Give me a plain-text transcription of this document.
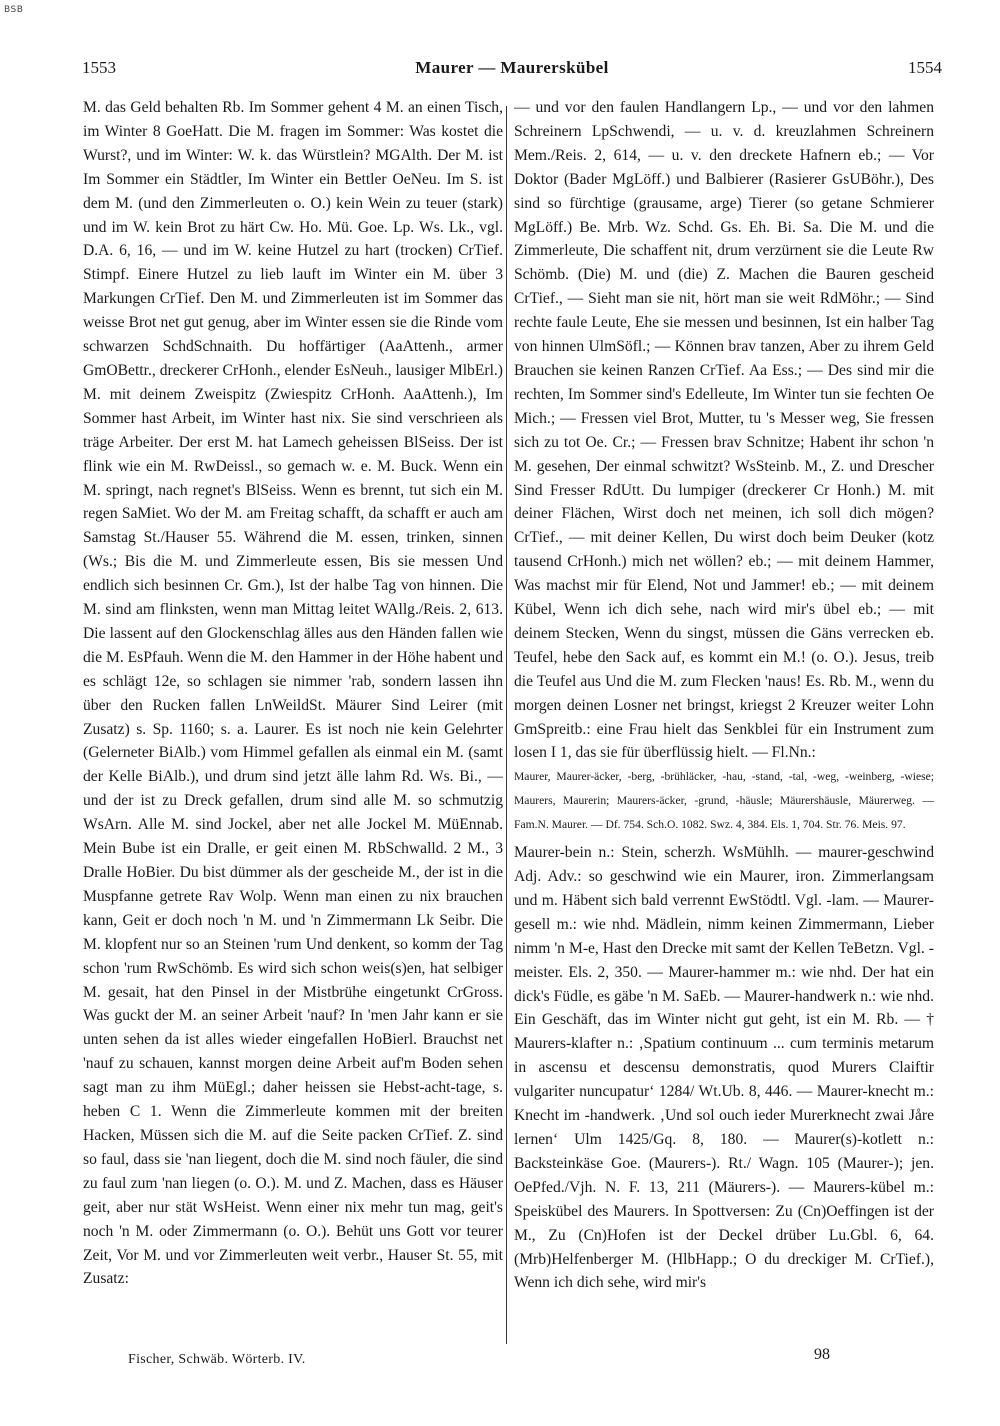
BSB
1553	Maurer — Maurerskübel	1554

M. das Geld behalten Rb. Im Sommer gehent 4 M. an einen Tisch, im Winter 8 GoeHatt. Die M. fragen im Sommer: Was kostet die Wurst?, und im Winter: W. k. das Würstlein? MGAlth. Der M. ist Im Sommer ein Städtler, Im Winter ein Bettler OeNeu. Im S. ist dem M. (und den Zimmerleuten o. O.) kein Wein zu teuer (stark) und im W. kein Brot zu härt Cw. Ho. Mü. Goe. Lp. Ws. Lk., vgl. D.A. 6, 16, — und im W. keine Hutzel zu hart (trocken) CrTief. Stimpf. Einere Hutzel zu lieb lauft im Winter ein M. über 3 Markungen CrTief. Den M. und Zimmerleuten ist im Sommer das weisse Brot net gut genug, aber im Winter essen sie die Rinde vom schwarzen SchdSchnaith. Du hoffärtiger (AaAttenh., armer GmOBettr., dreckerer CrHonh., elender EsNeuh., lausiger MlbErl.) M. mit deinem Zweispitz (Zwiespitz CrHonh. AaAttenh.), Im Sommer hast Arbeit, im Winter hast nix. Sie sind verschrieen als träge Arbeiter. Der erst M. hat Lamech geheissen BlSeiss. Der ist flink wie ein M. RwDeissl., so gemach w. e. M. Buck. Wenn ein M. springt, nach regnet's BlSeiss. Wenn es brennt, tut sich ein M. regen SaMiet. Wo der M. am Freitag schafft, da schafft er auch am Samstag St./Hauser 55. Während die M. essen, trinken, sinnen (Ws.; Bis die M. und Zimmerleute essen, Bis sie messen Und endlich sich besinnen Cr. Gm.), Ist der halbe Tag von hinnen. Die M. sind am flinksten, wenn man Mittag leitet WAllg./Reis. 2, 613. Die lassent auf den Glockenschlag älles aus den Händen fallen wie die M. EsPfauh. Wenn die M. den Hammer in der Höhe habent und es schlägt 12e, so schlagen sie nimmer 'rab, sondern lassen ihn über den Rucken fallen LnWeildSt. Mäurer Sind Leirer (mit Zusatz) s. Sp. 1160; s. a. Laurer. Es ist noch nie kein Gelehrter (Gelerneter BiAlb.) vom Himmel gefallen als einmal ein M. (samt der Kelle BiAlb.), und drum sind jetzt älle lahm Rd. Ws. Bi., — und der ist zu Dreck gefallen, drum sind alle M. so schmutzig WsArn. Alle M. sind Jockel, aber net alle Jockel M. MüEnnab. Mein Bube ist ein Dralle, er geit einen M. RbSchwalld. 2 M., 3 Dralle HoBier. Du bist dümmer als der gescheide M., der ist in die Muspfanne getrete Rav Wolp. Wenn man einen zu nix brauchen kann, Geit er doch noch 'n M. und 'n Zimmermann Lk Seibr. Die M. klopfent nur so an Steinen 'rum Und denkent, so komm der Tag schon 'rum RwSchömb. Es wird sich schon weis(s)en, hat selbiger M. gesait, hat den Pinsel in der Mistbrühe eingetunkt CrGross. Was guckt der M. an seiner Arbeit 'nauf? In 'men Jahr kann er sie unten sehen da ist alles wieder eingefallen HoBierl. Brauchst net 'nauf zu schauen, kannst morgen deine Arbeit auf'm Boden sehen sagt man zu ihm MüEgl.; daher heissen sie Hebst-acht-tage, s. heben C 1. Wenn die Zimmerleute kommen mit der breiten Hacken, Müssen sich die M. auf die Seite packen CrTief. Z. sind so faul, dass sie 'nan liegent, doch die M. sind noch fäuler, die sind zu faul zum 'nan liegen (o. O.). M. und Z. Machen, dass es Häuser geit, aber nur stät WsHeist. Wenn einer nix mehr tun mag, geit's noch 'n M. oder Zimmermann (o. O.). Behüt uns Gott vor teurer Zeit, Vor M. und vor Zimmerleuten weit verbr., Hauser St. 55, mit Zusatz:

— und vor den faulen Handlangern Lp., — und vor den lahmen Schreinern LpSchwendi, — u. v. d. kreuzlahmen Schreinern Mem./Reis. 2, 614, — u. v. den dreckete Hafnern eb.; — Vor Doktor (Bader MgLöff.) und Balbierer (Rasierer GsUBöhr.), Des sind so fürchtige (grausame, arge) Tierer (so getane Schmierer MgLöff.) Be. Mrb. Wz. Schd. Gs. Eh. Bi. Sa. Die M. und die Zimmerleute, Die schaffent nit, drum verzürnent sie die Leute Rw Schömb. (Die) M. und (die) Z. Machen die Bauren gescheid CrTief., — Sieht man sie nit, hört man sie weit RdMöhr.; — Sind rechte faule Leute, Ehe sie messen und besinnen, Ist ein halber Tag von hinnen UlmSöfl.; — Können brav tanzen, Aber zu ihrem Geld Brauchen sie keinen Ranzen CrTief. Aa Ess.; — Des sind mir die rechten, Im Sommer sind's Edelleute, Im Winter tun sie fechten Oe Mich.; — Fressen viel Brot, Mutter, tu 's Messer weg, Sie fressen sich zu tot Oe. Cr.; — Fressen brav Schnitze; Habent ihr schon 'n M. gesehen, Der einmal schwitzt? WsSteinb. M., Z. und Drescher Sind Fresser RdUtt. Du lumpiger (dreckerer Cr Honh.) M. mit deiner Flächen, Wirst doch net meinen, ich soll dich mögen? CrTief., — mit deiner Kellen, Du wirst doch beim Deuker (kotz tausend CrHonh.) mich net wöllen? eb.; — mit deinem Hammer, Was machst mir für Elend, Not und Jammer! eb.; — mit deinem Kübel, Wenn ich dich sehe, nach wird mir's übel eb.; — mit deinem Stecken, Wenn du singst, müssen die Gäns verrecken eb. Teufel, hebe den Sack auf, es kommt ein M.! (o. O.). Jesus, treib die Teufel aus Und die M. zum Flecken 'naus! Es. Rb. M., wenn du morgen deinen Losner net bringst, kriegst 2 Kreuzer weiter Lohn GmSpreitb.: eine Frau hielt das Senkblei für ein Instrument zum losen I 1, das sie für überflüssig hielt. — Fl.Nn.:

Maurer, Maurer-äcker, -berg, -brühläcker, -hau, -stand, -tal, -weg, -weinberg, -wiese; Maurers, Maurerin; Maurers-äcker, -grund, -häusle; Mäurershäusle, Mäurerweg. — Fam.N. Maurer. — Df. 754. Sch.O. 1082. Swz. 4, 384. Els. 1, 704. Str. 76. Meis. 97.

Maurer-bein n.: Stein, scherzh. WsMühlh. — maurer-geschwind Adj. Adv.: so geschwind wie ein Maurer, iron. Zimmerlangsam und m. Häbent sich bald verrennt EwStödtl. Vgl. -lam. — Maurer-gesell m.: wie nhd. Mädlein, nimm keinen Zimmermann, Lieber nimm 'n M-e, Hast den Drecke mit samt der Kellen TeBetzn. Vgl. -meister. Els. 2, 350. — Maurer-hammer m.: wie nhd. Der hat ein dick's Füdle, es gäbe 'n M. SaEb. — Maurer-handwerk n.: wie nhd. Ein Geschäft, das im Winter nicht gut geht, ist ein M. Rb. — † Maurers-klafter n.: ‚Spatium continuum ... cum terminis metarum in ascensu et descensu demonstratis, quod Murers Claiftir vulgariter nuncupatur‘ 1284/ Wt.Ub. 8, 446. — Maurer-knecht m.: Knecht im -handwerk. ‚Und sol ouch ieder Murerknecht zwai Jåre lernen‘ Ulm 1425/Gq. 8, 180. — Maurer(s)-kotlett n.: Backsteinkäse Goe. (Maurers-). Rt./ Wagn. 105 (Maurer-); jen. OePfed./Vjh. N. F. 13, 211 (Mäurers-). — Maurers-kübel m.: Speiskübel des Maurers. In Spottversen: Zu (Cn)Oeffingen ist der M., Zu (Cn)Hofen ist der Deckel drüber Lu.Gbl. 6, 64. (Mrb)Helfenberger M. (HlbHapp.; O du dreckiger M. CrTief.), Wenn ich dich sehe, wird mir's

Fischer, Schwäb. Wörterb. IV.	98
